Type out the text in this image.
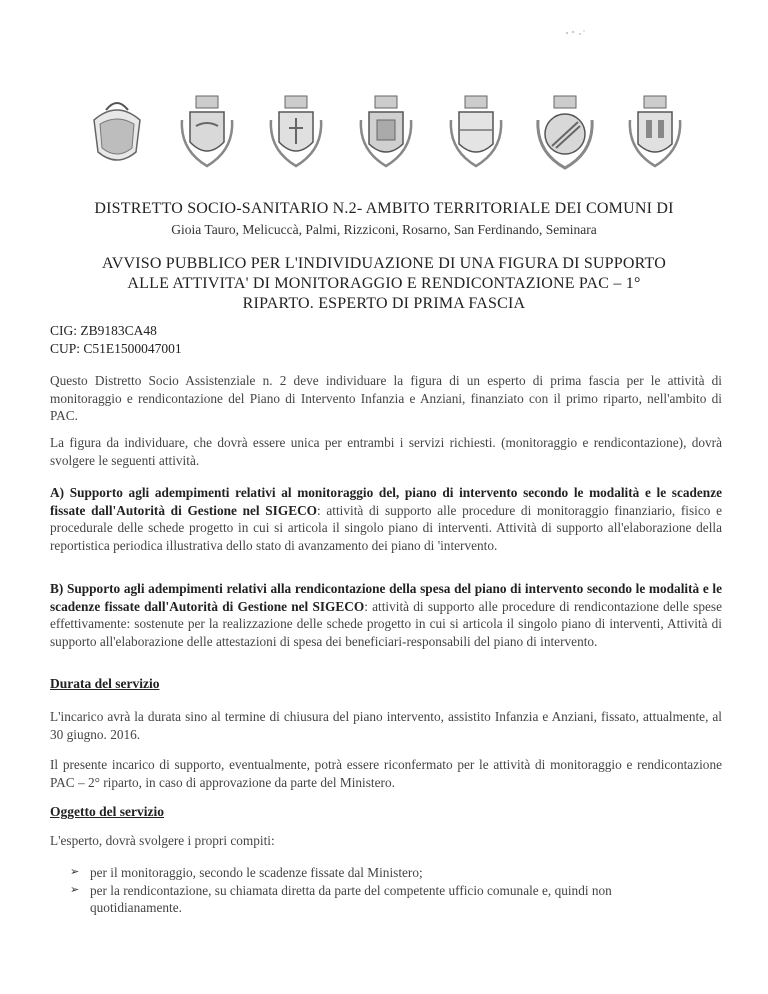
DISTRETTO SOCIO-SANITARIO N.2- AMBITO TERRITORIALE DEI COMUNI DI
Gioia Tauro, Melicuccà, Palmi, Rizziconi, Rosarno, San Ferdinando, Seminara
AVVISO PUBBLICO PER L'INDIVIDUAZIONE DI UNA FIGURA DI SUPPORTO
ALLE ATTIVITA' DI MONITORAGGIO E RENDICONTAZIONE PAC – 1°
RIPARTO. ESPERTO DI PRIMA FASCIA
CIG: ZB9183CA48
CUP: C51E1500047001
Questo Distretto Socio Assistenziale n. 2 deve individuare la figura di un esperto di prima fascia per le attività di monitoraggio e rendicontazione del Piano di Intervento Infanzia e Anziani, finanziato con il primo riparto, nell'ambito di PAC.
La figura da individuare, che dovrà essere unica per entrambi i servizi richiesti. (monitoraggio e rendicontazione), dovrà svolgere le seguenti attività.
A) Supporto agli adempimenti relativi al monitoraggio del, piano di intervento secondo le modalità e le scadenze fissate dall'Autorità di Gestione nel SIGECO: attività di supporto alle procedure di monitoraggio finanziario, fisico e procedurale delle schede progetto in cui si articola il singolo piano di interventi. Attività di supporto all'elaborazione della reportistica periodica illustrativa dello stato di avanzamento dei piano di 'intervento.
B) Supporto agli adempimenti relativi alla rendicontazione della spesa del piano di intervento secondo le modalità e le scadenze fissate dall'Autorità di Gestione nel SIGECO: attività di supporto alle procedure di rendicontazione delle spese effettivamente: sostenute per la realizzazione delle schede progetto in cui si articola il singolo piano di interventi, Attività di supporto all'elaborazione delle attestazioni di spesa dei beneficiari-responsabili del piano di intervento.
Durata del servizio
L'incarico avrà la durata sino al termine di chiusura del piano intervento, assistito Infanzia e Anziani, fissato, attualmente, al 30 giugno. 2016.
Il presente incarico di supporto, eventualmente, potrà essere riconfermato per le attività di monitoraggio e rendicontazione PAC – 2° riparto, in caso di approvazione da parte del Ministero.
Oggetto del servizio
L'esperto, dovrà svolgere i propri compiti:
➢ per il monitoraggio, secondo le scadenze fissate dal Ministero;
➢ per la rendicontazione, su chiamata diretta da parte del competente ufficio comunale e, quindi non quotidianamente.
